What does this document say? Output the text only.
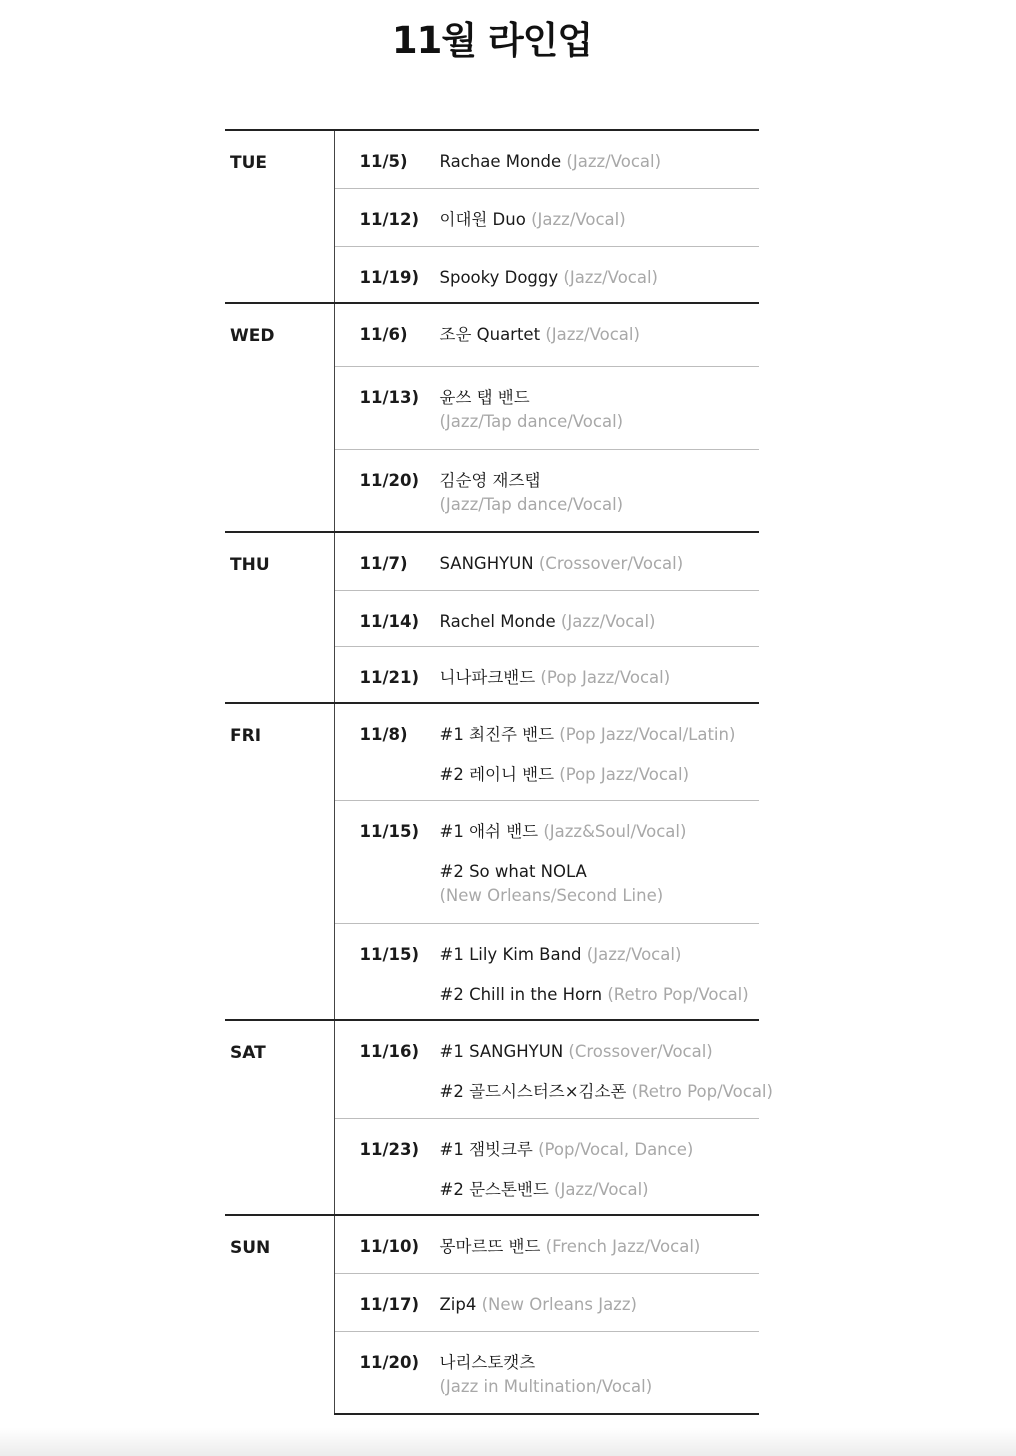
11월 라인업
TUE	11/5) Rachae Monde (Jazz/Vocal)

	11/12) 이대원 Duo (Jazz/Vocal)

	11/19) Spooky Doggy (Jazz/Vocal)

WED	11/6) 조운 Quartet (Jazz/Vocal)

	11/13) 윤쓰 탭 밴드
(Jazz/Tap dance/Vocal)

	11/20) 김순영 재즈탭
(Jazz/Tap dance/Vocal)

THU	11/7) SANGHYUN (Crossover/Vocal)

	11/14) Rachel Monde (Jazz/Vocal)

	11/21) 니나파크밴드 (Pop Jazz/Vocal)

FRI	11/8) #1 최진주 밴드 (Pop Jazz/Vocal/Latin)
#2 레이니 밴드 (Pop Jazz/Vocal)

	11/15) #1 애쉬 밴드 (Jazz&Soul/Vocal)
#2 So what NOLA
(New Orleans/Second Line)

	11/15) #1 Lily Kim Band (Jazz/Vocal)
#2 Chill in the Horn (Retro Pop/Vocal)

SAT	11/16) #1 SANGHYUN (Crossover/Vocal)
#2 골드시스터즈×김소폰 (Retro Pop/Vocal)

	11/23) #1 잼빗크루 (Pop/Vocal, Dance)
#2 문스톤밴드 (Jazz/Vocal)

SUN	11/10) 몽마르뜨 밴드 (French Jazz/Vocal)

	11/17) Zip4 (New Orleans Jazz)

	11/20) 나리스토캣츠
(Jazz in Multination/Vocal)
